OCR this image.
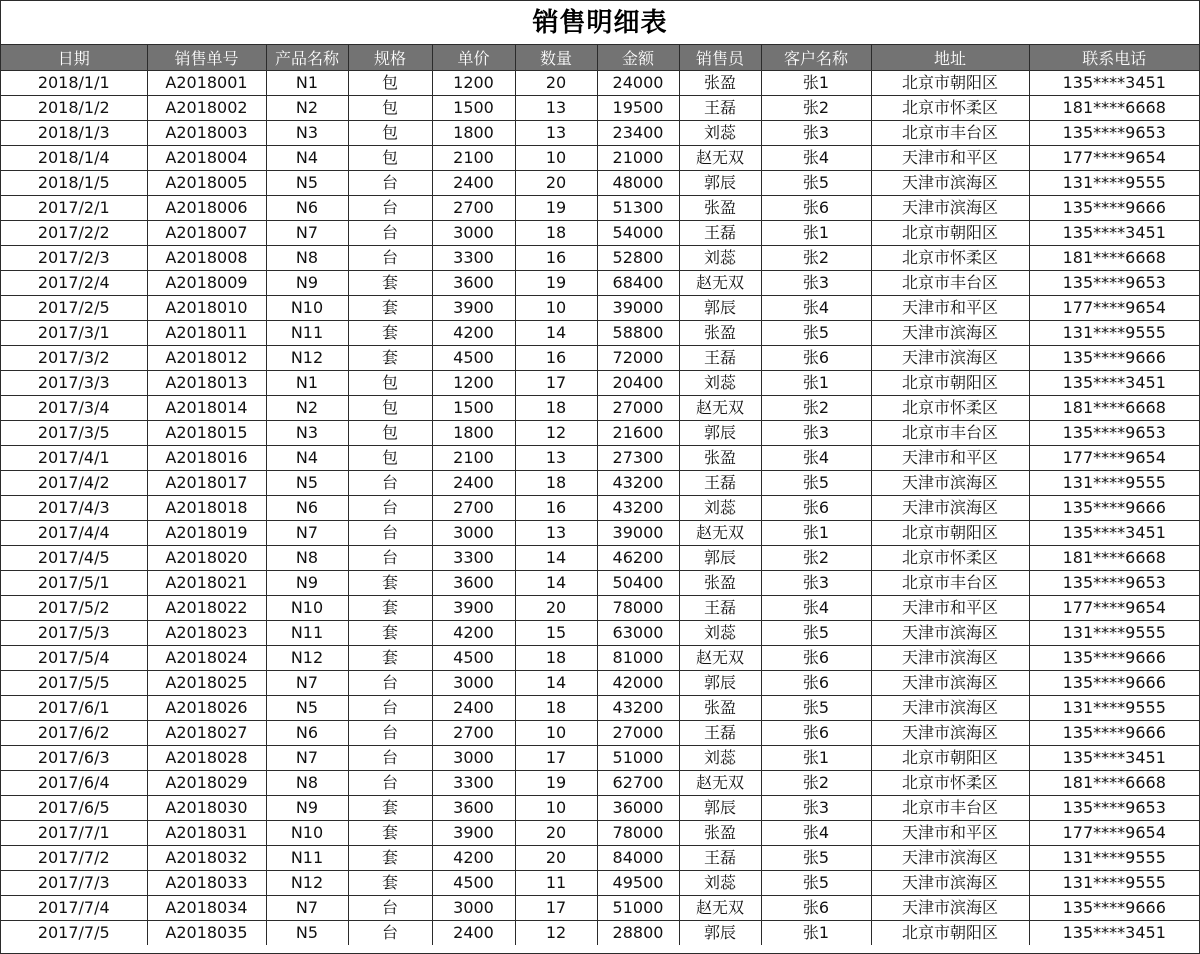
销售明细表
日期	销售单号	产品名称	规格	单价	数量	金额	销售员	客户名称	地址	联系电话
2018/1/1	A2018001	N1	包	1200	20	24000	张盈	张1	北京市朝阳区	135****3451
2018/1/2	A2018002	N2	包	1500	13	19500	王磊	张2	北京市怀柔区	181****6668
2018/1/3	A2018003	N3	包	1800	13	23400	刘蕊	张3	北京市丰台区	135****9653
2018/1/4	A2018004	N4	包	2100	10	21000	赵无双	张4	天津市和平区	177****9654
2018/1/5	A2018005	N5	台	2400	20	48000	郭辰	张5	天津市滨海区	131****9555
2017/2/1	A2018006	N6	台	2700	19	51300	张盈	张6	天津市滨海区	135****9666
2017/2/2	A2018007	N7	台	3000	18	54000	王磊	张1	北京市朝阳区	135****3451
2017/2/3	A2018008	N8	台	3300	16	52800	刘蕊	张2	北京市怀柔区	181****6668
2017/2/4	A2018009	N9	套	3600	19	68400	赵无双	张3	北京市丰台区	135****9653
2017/2/5	A2018010	N10	套	3900	10	39000	郭辰	张4	天津市和平区	177****9654
2017/3/1	A2018011	N11	套	4200	14	58800	张盈	张5	天津市滨海区	131****9555
2017/3/2	A2018012	N12	套	4500	16	72000	王磊	张6	天津市滨海区	135****9666
2017/3/3	A2018013	N1	包	1200	17	20400	刘蕊	张1	北京市朝阳区	135****3451
2017/3/4	A2018014	N2	包	1500	18	27000	赵无双	张2	北京市怀柔区	181****6668
2017/3/5	A2018015	N3	包	1800	12	21600	郭辰	张3	北京市丰台区	135****9653
2017/4/1	A2018016	N4	包	2100	13	27300	张盈	张4	天津市和平区	177****9654
2017/4/2	A2018017	N5	台	2400	18	43200	王磊	张5	天津市滨海区	131****9555
2017/4/3	A2018018	N6	台	2700	16	43200	刘蕊	张6	天津市滨海区	135****9666
2017/4/4	A2018019	N7	台	3000	13	39000	赵无双	张1	北京市朝阳区	135****3451
2017/4/5	A2018020	N8	台	3300	14	46200	郭辰	张2	北京市怀柔区	181****6668
2017/5/1	A2018021	N9	套	3600	14	50400	张盈	张3	北京市丰台区	135****9653
2017/5/2	A2018022	N10	套	3900	20	78000	王磊	张4	天津市和平区	177****9654
2017/5/3	A2018023	N11	套	4200	15	63000	刘蕊	张5	天津市滨海区	131****9555
2017/5/4	A2018024	N12	套	4500	18	81000	赵无双	张6	天津市滨海区	135****9666
2017/5/5	A2018025	N7	台	3000	14	42000	郭辰	张6	天津市滨海区	135****9666
2017/6/1	A2018026	N5	台	2400	18	43200	张盈	张5	天津市滨海区	131****9555
2017/6/2	A2018027	N6	台	2700	10	27000	王磊	张6	天津市滨海区	135****9666
2017/6/3	A2018028	N7	台	3000	17	51000	刘蕊	张1	北京市朝阳区	135****3451
2017/6/4	A2018029	N8	台	3300	19	62700	赵无双	张2	北京市怀柔区	181****6668
2017/6/5	A2018030	N9	套	3600	10	36000	郭辰	张3	北京市丰台区	135****9653
2017/7/1	A2018031	N10	套	3900	20	78000	张盈	张4	天津市和平区	177****9654
2017/7/2	A2018032	N11	套	4200	20	84000	王磊	张5	天津市滨海区	131****9555
2017/7/3	A2018033	N12	套	4500	11	49500	刘蕊	张5	天津市滨海区	131****9555
2017/7/4	A2018034	N7	台	3000	17	51000	赵无双	张6	天津市滨海区	135****9666
2017/7/5	A2018035	N5	台	2400	12	28800	郭辰	张1	北京市朝阳区	135****3451
